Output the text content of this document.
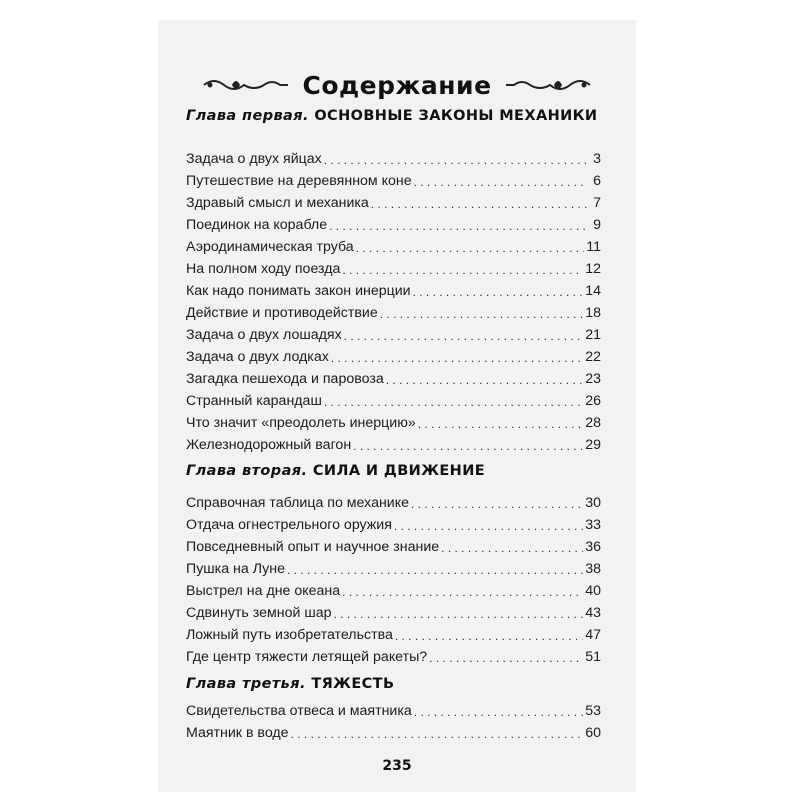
Содержание
Глава первая. ОСНОВНЫЕ ЗАКОНЫ МЕХАНИКИ
Задача о двух яйцах . . .	3
Путешествие на деревянном коне . . .	6
Здравый смысл и механика . . .	7
Поединок на корабле . . .	9
Аэродинамическая труба . . .	11
На полном ходу поезда . . .	12
Как надо понимать закон инерции . . .	14
Действие и противодействие . . .	18
Задача о двух лошадях . . .	21
Задача о двух лодках . . .	22
Загадка пешехода и паровоза . . .	23
Странный карандаш . . .	26
Что значит «преодолеть инерцию» . . .	28
Железнодорожный вагон . . .	29
Глава вторая. СИЛА И ДВИЖЕНИЕ
Справочная таблица по механике . . .	30
Отдача огнестрельного оружия . . .	33
Повседневный опыт и научное знание . . .	36
Пушка на Луне . . .	38
Выстрел на дне океана . . .	40
Сдвинуть земной шар . . .	43
Ложный путь изобретательства . . .	47
Где центр тяжести летящей ракеты? . . .	51
Глава третья. ТЯЖЕСТЬ
Свидетельства отвеса и маятника . . .	53
Маятник в воде . . .	60
235
